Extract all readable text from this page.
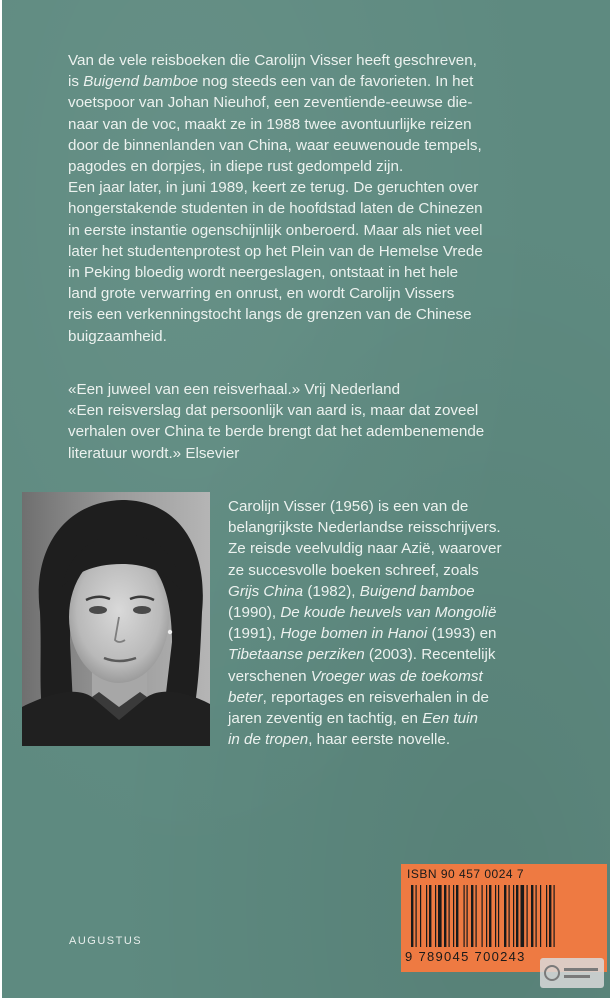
Van de vele reisboeken die Carolijn Visser heeft geschreven,
is Buigend bamboe nog steeds een van de favorieten. In het
voetspoor van Johan Nieuhof, een zeventiende-eeuwse die-
naar van de voc, maakt ze in 1988 twee avontuurlijke reizen
door de binnenlanden van China, waar eeuwenoude tempels,
pagodes en dorpjes, in diepe rust gedompeld zijn.
Een jaar later, in juni 1989, keert ze terug. De geruchten over
hongerstakende studenten in de hoofdstad laten de Chinezen
in eerste instantie ogenschijnlijk onberoerd. Maar als niet veel
later het studentenprotest op het Plein van de Hemelse Vrede
in Peking bloedig wordt neergeslagen, ontstaat in het hele
land grote verwarring en onrust, en wordt Carolijn Vissers
reis een verkenningstocht langs de grenzen van de Chinese
buigzaamheid.
«Een juweel van een reisverhaal.» Vrij Nederland
«Een reisverslag dat persoonlijk van aard is, maar dat zoveel
verhalen over China te berde brengt dat het adembenemende
literatuur wordt.» Elsevier
Carolijn Visser (1956) is een van de
belangrijkste Nederlandse reisschrijvers.
Ze reisde veelvuldig naar Azië, waarover
ze succesvolle boeken schreef, zoals
Grijs China (1982), Buigend bamboe
(1990), De koude heuvels van Mongolië
(1991), Hoge bomen in Hanoi (1993) en
Tibetaanse perziken (2003). Recentelijk
verschenen Vroeger was de toekomst
beter, reportages en reisverhalen in de
jaren zeventig en tachtig, en Een tuin
in de tropen, haar eerste novelle.
AUGUSTUS
ISBN 90 457 0024 7
9 789045 700243
